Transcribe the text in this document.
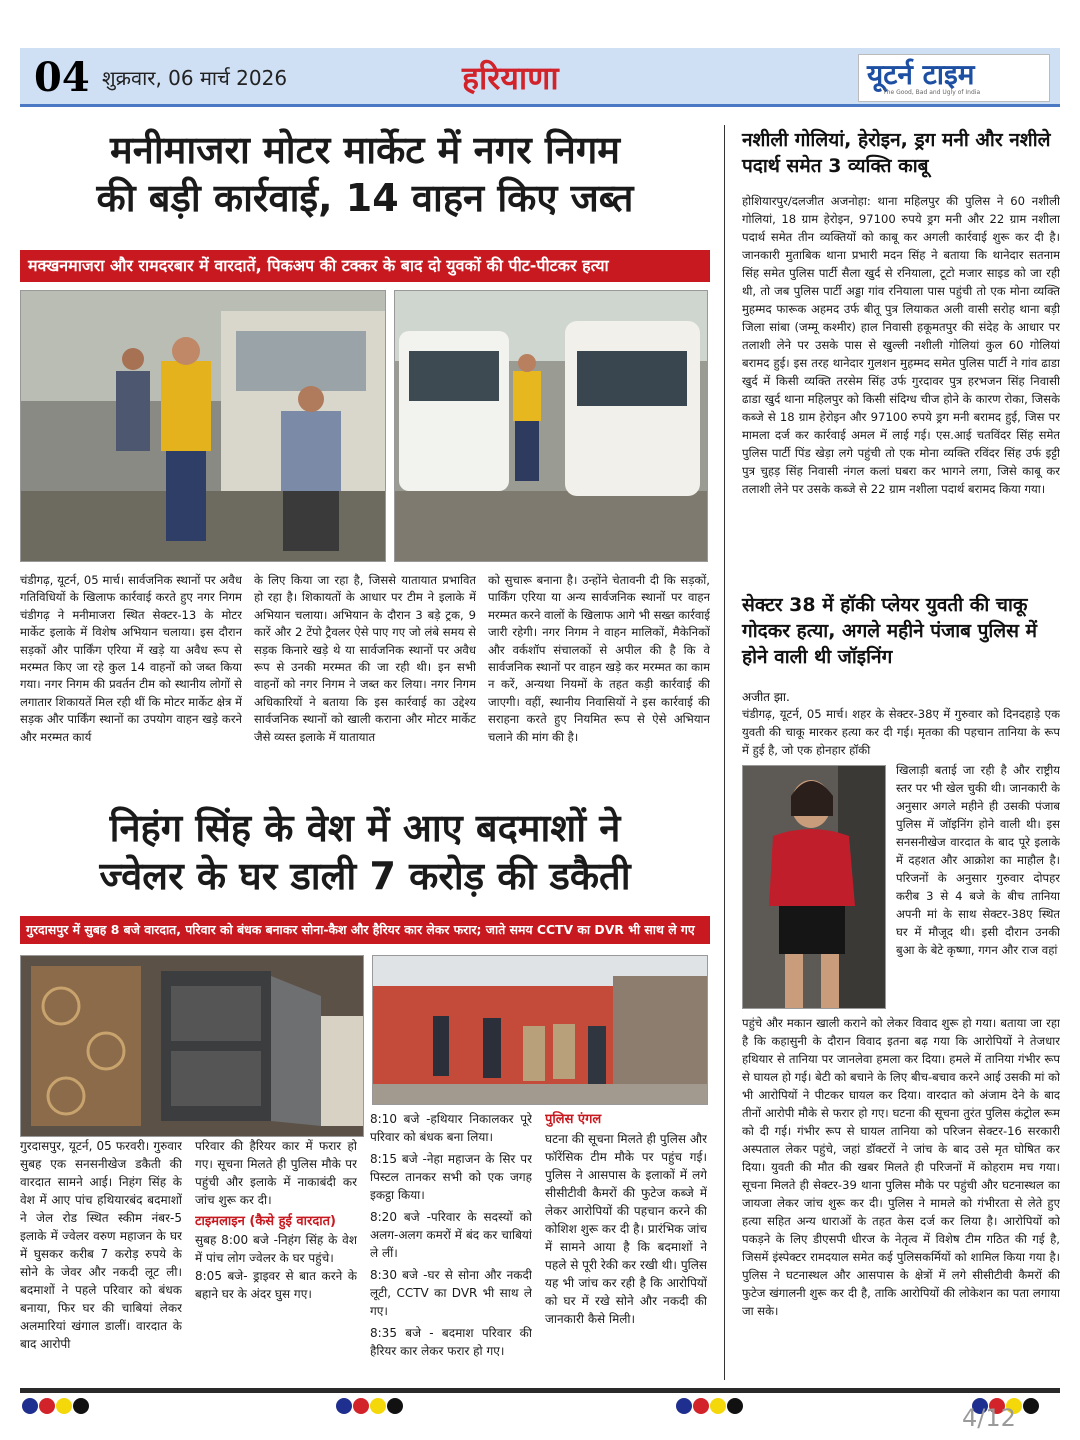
04 शुक्रवार, 06 मार्च 2026	हरियाणा	यूटर्न टाइम
The Good, Bad and Ugly of India
मनीमाजरा मोटर मार्केट में नगर निगम
की बड़ी कार्रवाई, 14 वाहन किए जब्त
मक्खनमाजरा और रामदरबार में वारदातें, पिकअप की टक्कर के बाद दो युवकों की पीट-पीटकर हत्या
चंडीगढ़, यूटर्न, 05 मार्च। सार्वजनिक स्थानों पर अवैध गतिविधियों के खिलाफ कार्रवाई करते हुए नगर निगम चंडीगढ़ ने मनीमाजरा स्थित सेक्टर-13 के मोटर मार्केट इलाके में विशेष अभियान चलाया। इस दौरान सड़कों और पार्किंग एरिया में खड़े या अवैध रूप से मरम्मत किए जा रहे कुल 14 वाहनों को जब्त किया गया। नगर निगम की प्रवर्तन टीम को स्थानीय लोगों से लगातार शिकायतें मिल रही थीं कि मोटर मार्केट क्षेत्र में सड़क और पार्किंग स्थानों का उपयोग वाहन खड़े करने और मरम्मत कार्य
के लिए किया जा रहा है, जिससे यातायात प्रभावित हो रहा है। शिकायतों के आधार पर टीम ने इलाके में अभियान चलाया। अभियान के दौरान 3 बड़े ट्रक, 9 कारें और 2 टेंपो ट्रैवलर ऐसे पाए गए जो लंबे समय से सड़क किनारे खड़े थे या सार्वजनिक स्थानों पर अवैध रूप से उनकी मरम्मत की जा रही थी। इन सभी वाहनों को नगर निगम ने जब्त कर लिया। नगर निगम अधिकारियों ने बताया कि इस कार्रवाई का उद्देश्य सार्वजनिक स्थानों को खाली कराना और मोटर मार्केट जैसे व्यस्त इलाके में यातायात
को सुचारू बनाना है। उन्होंने चेतावनी दी कि सड़कों, पार्किंग एरिया या अन्य सार्वजनिक स्थानों पर वाहन मरम्मत करने वालों के खिलाफ आगे भी सख्त कार्रवाई जारी रहेगी। नगर निगम ने वाहन मालिकों, मैकेनिकों और वर्कशॉप संचालकों से अपील की है कि वे सार्वजनिक स्थानों पर वाहन खड़े कर मरम्मत का काम न करें, अन्यथा नियमों के तहत कड़ी कार्रवाई की जाएगी। वहीं, स्थानीय निवासियों ने इस कार्रवाई की सराहना करते हुए नियमित रूप से ऐसे अभियान चलाने की मांग की है।
निहंग सिंह के वेश में आए बदमाशों ने
ज्वेलर के घर डाली 7 करोड़ की डकैती
गुरदासपुर में सुबह 8 बजे वारदात, परिवार को बंधक बनाकर सोना-कैश और हैरियर कार लेकर फरार; जाते समय CCTV का DVR भी साथ ले गए
गुरदासपुर, यूटर्न, 05 फरवरी। गुरुवार सुबह एक सनसनीखेज डकैती की वारदात सामने आई। निहंग सिंह के वेश में आए पांच हथियारबंद बदमाशों ने जेल रोड स्थित स्कीम नंबर-5 इलाके में ज्वेलर वरुण महाजन के घर में घुसकर करीब 7 करोड़ रुपये के सोने के जेवर और नकदी लूट ली। बदमाशों ने पहले परिवार को बंधक बनाया, फिर घर की चाबियां लेकर अलमारियां खंगाल डालीं। वारदात के बाद आरोपी
परिवार की हैरियर कार में फरार हो गए। सूचना मिलते ही पुलिस मौके पर पहुंची और इलाके में नाकाबंदी कर जांच शुरू कर दी।
टाइमलाइन (कैसे हुई वारदात)
सुबह 8:00 बजे -निहंग सिंह के वेश में पांच लोग ज्वेलर के घर पहुंचे।
8:05 बजे- ड्राइवर से बात करने के बहाने घर के अंदर घुस गए।
8:10 बजे -हथियार निकालकर पूरे परिवार को बंधक बना लिया।
8:15 बजे -नेहा महाजन के सिर पर पिस्टल तानकर सभी को एक जगह इकट्ठा किया।
8:20 बजे -परिवार के सदस्यों को अलग-अलग कमरों में बंद कर चाबियां ले लीं।
8:30 बजे -घर से सोना और नकदी लूटी, CCTV का DVR भी साथ ले गए।
8:35 बजे - बदमाश परिवार की हैरियर कार लेकर फरार हो गए।
पुलिस एंगल
घटना की सूचना मिलते ही पुलिस और फॉरेंसिक टीम मौके पर पहुंच गई। पुलिस ने आसपास के इलाकों में लगे सीसीटीवी कैमरों की फुटेज कब्जे में लेकर आरोपियों की पहचान करने की कोशिश शुरू कर दी है। प्रारंभिक जांच में सामने आया है कि बदमाशों ने पहले से पूरी रेकी कर रखी थी। पुलिस यह भी जांच कर रही है कि आरोपियों को घर में रखे सोने और नकदी की जानकारी कैसे मिली।
नशीली गोलियां, हेरोइन, ड्रग मनी और नशीले पदार्थ समेत 3 व्यक्ति काबू
होशियारपुर/दलजीत अजनोहा: थाना महिलपुर की पुलिस ने 60 नशीली गोलियां, 18 ग्राम हेरोइन, 97100 रुपये ड्रग मनी और 22 ग्राम नशीला पदार्थ समेत तीन व्यक्तियों को काबू कर अगली कार्रवाई शुरू कर दी है। जानकारी मुताबिक थाना प्रभारी मदन सिंह ने बताया कि थानेदार सतनाम सिंह समेत पुलिस पार्टी सैला खुर्द से रनियाला, टूटो मजार साइड को जा रही थी, तो जब पुलिस पार्टी अड्डा गांव रनियाला पास पहुंची तो एक मोना व्यक्ति मुहम्मद फारूक अहमद उर्फ बीतू पुत्र लियाकत अली वासी सरोह थाना बड़ी जिला सांबा (जम्मू कश्मीर) हाल निवासी हकूमतपुर की संदेह के आधार पर तलाशी लेने पर उसके पास से खुल्ली नशीली गोलियां कुल 60 गोलियां बरामद हुई। इस तरह थानेदार गुलशन मुहम्मद समेत पुलिस पार्टी ने गांव ढाडा खुर्द में किसी व्यक्ति तरसेम सिंह उर्फ गुरदावर पुत्र हरभजन सिंह निवासी ढाडा खुर्द थाना महिलपुर को किसी संदिग्ध चीज होने के कारण रोका, जिसके कब्जे से 18 ग्राम हेरोइन और 97100 रुपये ड्रग मनी बरामद हुई, जिस पर मामला दर्ज कर कार्रवाई अमल में लाई गई। एस.आई चतविंदर सिंह समेत पुलिस पार्टी पिंड खेड़ा लगे पहुंची तो एक मोना व्यक्ति रविंदर सिंह उर्फ इट्टी पुत्र चुहड़ सिंह निवासी नंगल कलां घबरा कर भागने लगा, जिसे काबू कर तलाशी लेने पर उसके कब्जे से 22 ग्राम नशीला पदार्थ बरामद किया गया।
सेक्टर 38 में हॉकी प्लेयर युवती की चाकू गोदकर हत्या, अगले महीने पंजाब पुलिस में होने वाली थी जॉइनिंग
अजीत झा.
चंडीगढ़, यूटर्न, 05 मार्च। शहर के सेक्टर-38ए में गुरुवार को दिनदहाड़े एक युवती की चाकू मारकर हत्या कर दी गई। मृतका की पहचान तानिया के रूप में हुई है, जो एक होनहार हॉकी
खिलाड़ी बताई जा रही है और राष्ट्रीय स्तर पर भी खेल चुकी थी। जानकारी के अनुसार अगले महीने ही उसकी पंजाब पुलिस में जॉइनिंग होने वाली थी। इस सनसनीखेज वारदात के बाद पूरे इलाके में दहशत और आक्रोश का माहौल है। परिजनों के अनुसार गुरुवार दोपहर करीब 3 से 4 बजे के बीच तानिया अपनी मां के साथ सेक्टर-38ए स्थित घर में मौजूद थी। इसी दौरान उनकी बुआ के बेटे कृष्णा, गगन और राज वहां
पहुंचे और मकान खाली कराने को लेकर विवाद शुरू हो गया। बताया जा रहा है कि कहासुनी के दौरान विवाद इतना बढ़ गया कि आरोपियों ने तेजधार हथियार से तानिया पर जानलेवा हमला कर दिया। हमले में तानिया गंभीर रूप से घायल हो गई। बेटी को बचाने के लिए बीच-बचाव करने आई उसकी मां को भी आरोपियों ने पीटकर घायल कर दिया। वारदात को अंजाम देने के बाद तीनों आरोपी मौके से फरार हो गए। घटना की सूचना तुरंत पुलिस कंट्रोल रूम को दी गई। गंभीर रूप से घायल तानिया को परिजन सेक्टर-16 सरकारी अस्पताल लेकर पहुंचे, जहां डॉक्टरों ने जांच के बाद उसे मृत घोषित कर दिया। युवती की मौत की खबर मिलते ही परिजनों में कोहराम मच गया। सूचना मिलते ही सेक्टर-39 थाना पुलिस मौके पर पहुंची और घटनास्थल का जायजा लेकर जांच शुरू कर दी। पुलिस ने मामले को गंभीरता से लेते हुए हत्या सहित अन्य धाराओं के तहत केस दर्ज कर लिया है। आरोपियों को पकड़ने के लिए डीएसपी धीरज के नेतृत्व में विशेष टीम गठित की गई है, जिसमें इंस्पेक्टर रामदयाल समेत कई पुलिसकर्मियों को शामिल किया गया है। पुलिस ने घटनास्थल और आसपास के क्षेत्रों में लगे सीसीटीवी कैमरों की फुटेज खंगालनी शुरू कर दी है, ताकि आरोपियों की लोकेशन का पता लगाया जा सके।
4/12
